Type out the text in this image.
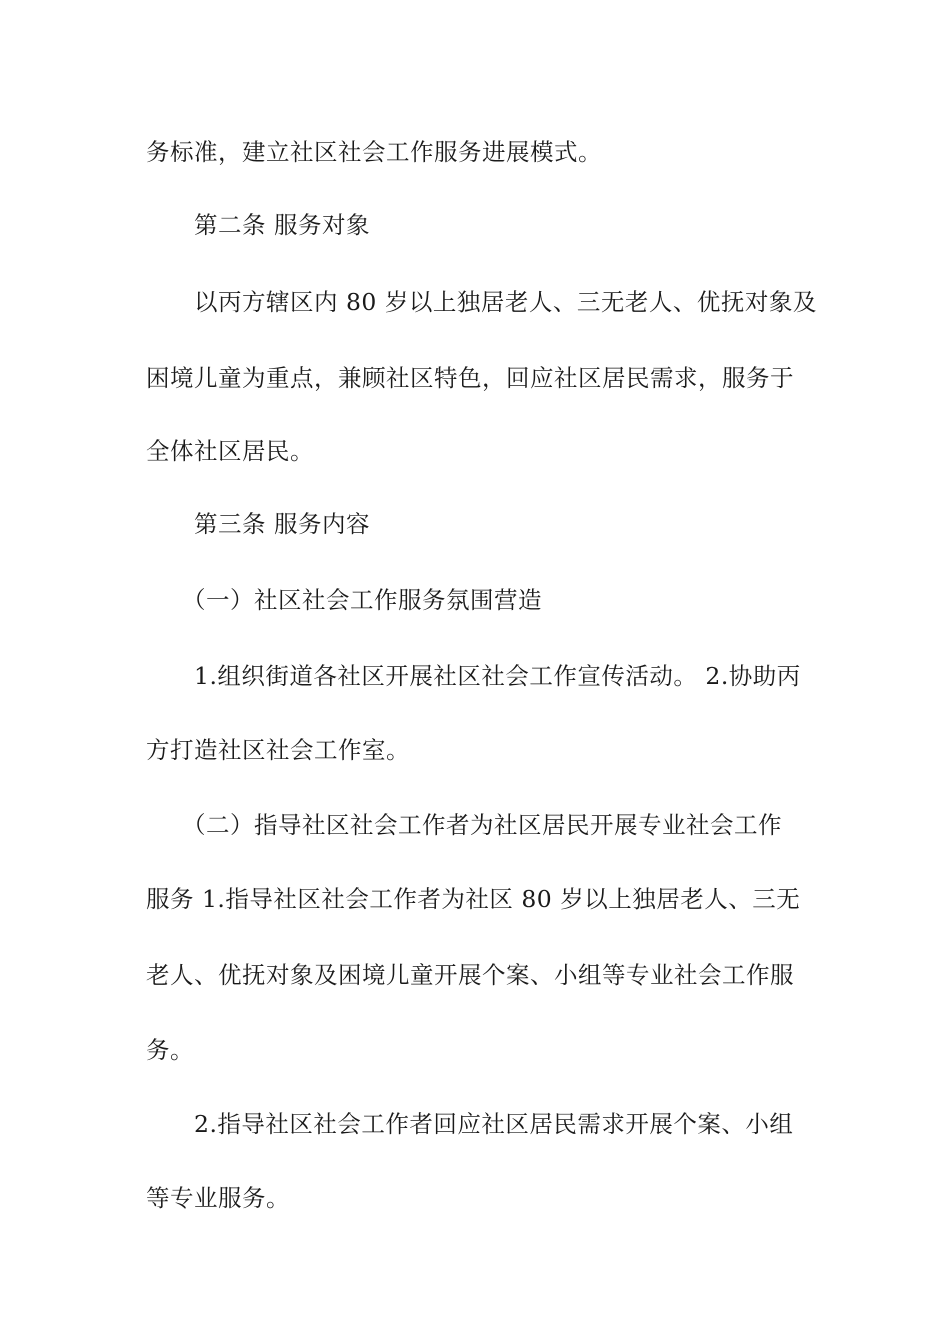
务标准，建立社区社会工作服务进展模式。
第二条 服务对象
以丙方辖区内 80 岁以上独居老人、三无老人、优抚对象及
困境儿童为重点，兼顾社区特色，回应社区居民需求，服务于
全体社区居民。
第三条 服务内容
（一）社区社会工作服务氛围营造
1.组织街道各社区开展社区社会工作宣传活动。 2.协助丙
方打造社区社会工作室。
（二）指导社区社会工作者为社区居民开展专业社会工作
服务 1.指导社区社会工作者为社区 80 岁以上独居老人、三无
老人、优抚对象及困境儿童开展个案、小组等专业社会工作服
务。
2.指导社区社会工作者回应社区居民需求开展个案、小组
等专业服务。
